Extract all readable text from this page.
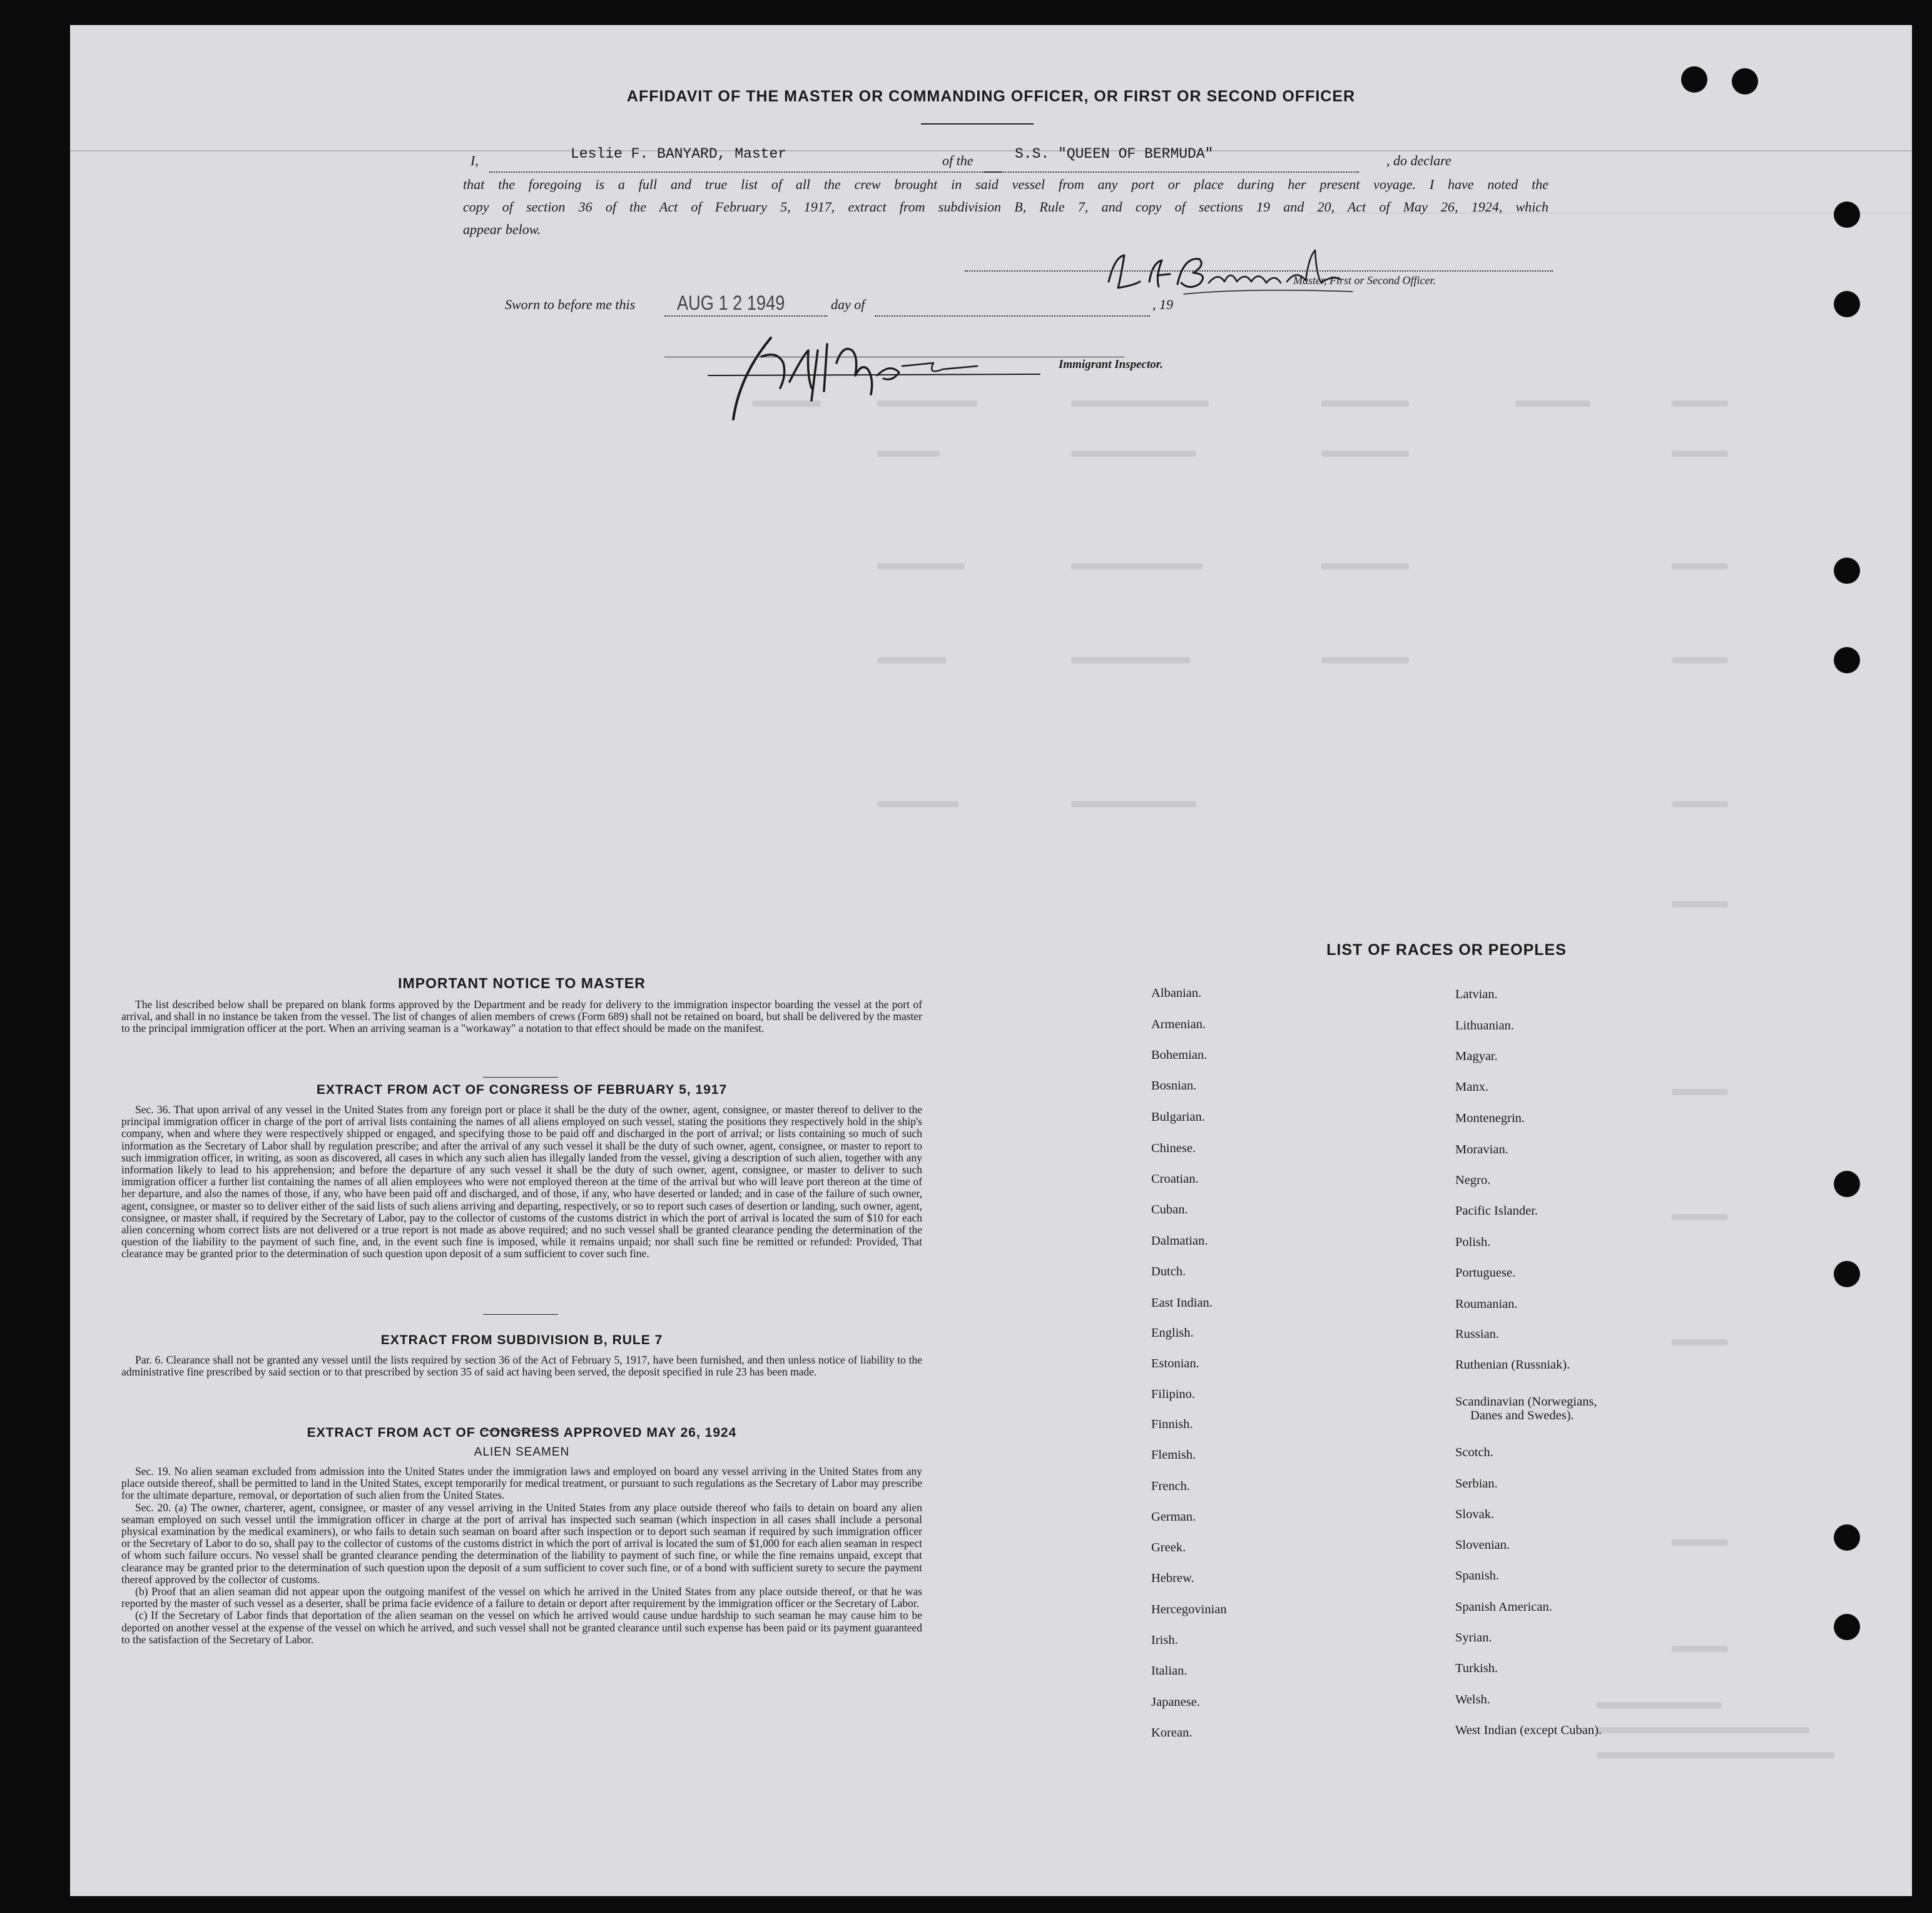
AFFIDAVIT OF THE MASTER OR COMMANDING OFFICER, OR FIRST OR SECOND OFFICER
I,	Leslie F. BANYARD, Master	of the	S.S. "QUEEN OF BERMUDA"	, do declare
that the foregoing is a full and true list of all the crew brought in said vessel from any port or place during her present voyage. I have noted the
copy of section 36 of the Act of February 5, 1917, extract from subdivision B, Rule 7, and copy of sections 19 and 20, Act of May 26, 1924, which
appear below.
Master, First or Second Officer.
Sworn to before me this AUG 1 2 1949	day of	, 19
Immigrant Inspector.
IMPORTANT NOTICE TO MASTER

The list described below shall be prepared on blank forms approved by the Department and be ready for delivery to the immigration inspector boarding the vessel at the port of arrival, and shall in no instance be taken from the vessel. The list of changes of alien members of crews (Form 689) shall not be retained on board, but shall be delivered by the master to the principal immigration officer at the port. When an arriving seaman is a "workaway" a notation to that effect should be made on the manifest.

EXTRACT FROM ACT OF CONGRESS OF FEBRUARY 5, 1917

Sec. 36. That upon arrival of any vessel in the United States from any foreign port or place it shall be the duty of the owner, agent, consignee, or master thereof to deliver to the principal immigration officer in charge of the port of arrival lists containing the names of all aliens employed on such vessel, stating the positions they respectively hold in the ship's company, when and where they were respectively shipped or engaged, and specifying those to be paid off and discharged in the port of arrival; or lists containing so much of such information as the Secretary of Labor shall by regulation prescribe; and after the arrival of any such vessel it shall be the duty of such owner, agent, consignee, or master to report to such immigration officer, in writing, as soon as discovered, all cases in which any such alien has illegally landed from the vessel, giving a description of such alien, together with any information likely to lead to his apprehension; and before the departure of any such vessel it shall be the duty of such owner, agent, consignee, or master to deliver to such immigration officer a further list containing the names of all alien employees who were not employed thereon at the time of the arrival but who will leave port thereon at the time of her departure, and also the names of those, if any, who have been paid off and discharged, and of those, if any, who have deserted or landed; and in case of the failure of such owner, agent, consignee, or master so to deliver either of the said lists of such aliens arriving and departing, respectively, or so to report such cases of desertion or landing, such owner, agent, consignee, or master shall, if required by the Secretary of Labor, pay to the collector of customs of the customs district in which the port of arrival is located the sum of $10 for each alien concerning whom correct lists are not delivered or a true report is not made as above required; and no such vessel shall be granted clearance pending the determination of the question of the liability to the payment of such fine, and, in the event such fine is imposed, while it remains unpaid; nor shall such fine be remitted or refunded: Provided, That clearance may be granted prior to the determination of such question upon deposit of a sum sufficient to cover such fine.

EXTRACT FROM SUBDIVISION B, RULE 7

Par. 6. Clearance shall not be granted any vessel until the lists required by section 36 of the Act of February 5, 1917, have been furnished, and then unless notice of liability to the administrative fine prescribed by said section or to that prescribed by section 35 of said act having been served, the deposit specified in rule 23 has been made.

EXTRACT FROM ACT OF CONGRESS APPROVED MAY 26, 1924
ALIEN SEAMEN

Sec. 19. No alien seaman excluded from admission into the United States under the immigration laws and employed on board any vessel arriving in the United States from any place outside thereof, shall be permitted to land in the United States, except temporarily for medical treatment, or pursuant to such regulations as the Secretary of Labor may prescribe for the ultimate departure, removal, or deportation of such alien from the United States.

Sec. 20. (a) The owner, charterer, agent, consignee, or master of any vessel arriving in the United States from any place outside thereof who fails to detain on board any alien seaman employed on such vessel until the immigration officer in charge at the port of arrival has inspected such seaman (which inspection in all cases shall include a personal physical examination by the medical examiners), or who fails to detain such seaman on board after such inspection or to deport such seaman if required by such immigration officer or the Secretary of Labor to do so, shall pay to the collector of customs of the customs district in which the port of arrival is located the sum of $1,000 for each alien seaman in respect of whom such failure occurs. No vessel shall be granted clearance pending the determination of the liability to payment of such fine, or while the fine remains unpaid, except that clearance may be granted prior to the determination of such question upon the deposit of a sum sufficient to cover such fine, or of a bond with sufficient surety to secure the payment thereof approved by the collector of customs.

(b) Proof that an alien seaman did not appear upon the outgoing manifest of the vessel on which he arrived in the United States from any place outside thereof, or that he was reported by the master of such vessel as a deserter, shall be prima facie evidence of a failure to detain or deport after requirement by the immigration officer or the Secretary of Labor.

(c) If the Secretary of Labor finds that deportation of the alien seaman on the vessel on which he arrived would cause undue hardship to such seaman he may cause him to be deported on another vessel at the expense of the vessel on which he arrived, and such vessel shall not be granted clearance until such expense has been paid or its payment guaranteed to the satisfaction of the Secretary of Labor.

LIST OF RACES OR PEOPLES
Albanian.
Armenian.
Bohemian.
Bosnian.
Bulgarian.
Chinese.
Croatian.
Cuban.
Dalmatian.
Dutch.
East Indian.
English.
Estonian.
Filipino.
Finnish.
Flemish.
French.
German.
Greek.
Hebrew.
Hercegovinian
Irish.
Italian.
Japanese.
Korean.
Latvian.
Lithuanian.
Magyar.
Manx.
Montenegrin.
Moravian.
Negro.
Pacific Islander.
Polish.
Portuguese.
Roumanian.
Russian.
Ruthenian (Russniak).
Scandinavian (Norwegians,
Danes and Swedes).
Scotch.
Serbian.
Slovak.
Slovenian.
Spanish.
Spanish American.
Syrian.
Turkish.
Welsh.
West Indian (except Cuban).
